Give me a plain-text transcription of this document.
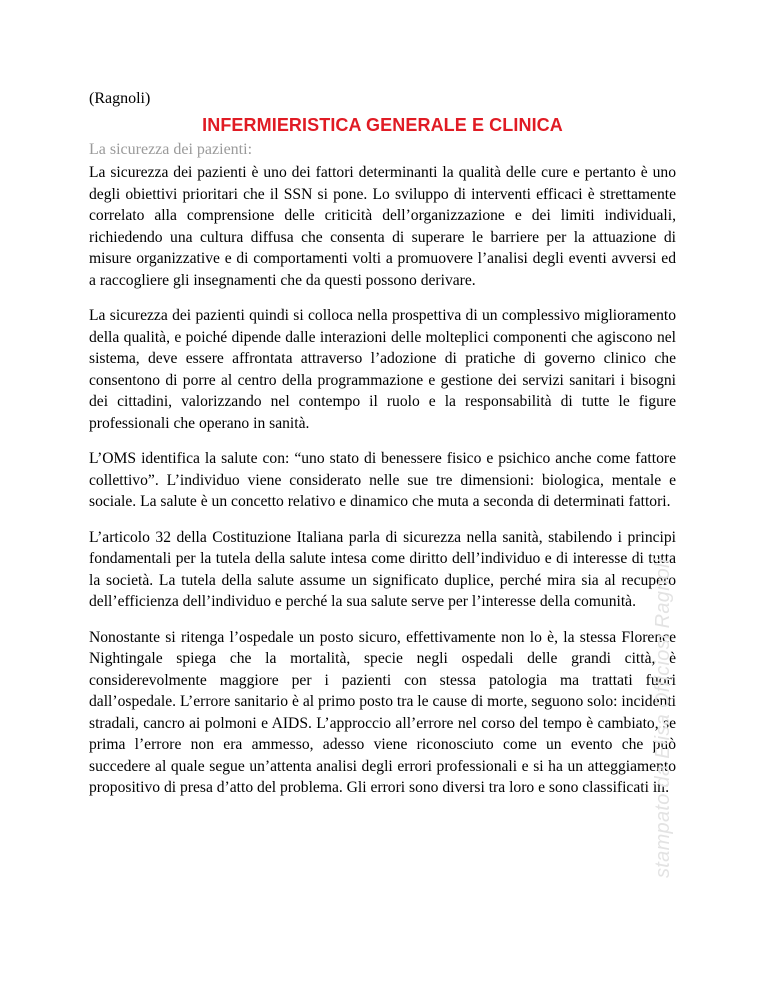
(Ragnoli)
INFERMIERISTICA GENERALE E CLINICA
La sicurezza dei pazienti:

La sicurezza dei pazienti è uno dei fattori determinanti la qualità delle cure e pertanto è uno degli obiettivi prioritari che il SSN si pone. Lo sviluppo di interventi efficaci è strettamente correlato alla comprensione delle criticità dell’organizzazione e dei limiti individuali, richiedendo una cultura diffusa che consenta di superare le barriere per la attuazione di misure organizzative e di comportamenti volti a promuovere l’analisi degli eventi avversi ed a raccogliere gli insegnamenti che da questi possono derivare.

La sicurezza dei pazienti quindi si colloca nella prospettiva di un complessivo miglioramento della qualità, e poiché dipende dalle interazioni delle molteplici componenti che agiscono nel sistema, deve essere affrontata attraverso l’adozione di pratiche di governo clinico che consentono di porre al centro della programmazione e gestione dei servizi sanitari i bisogni dei cittadini, valorizzando nel contempo il ruolo e la responsabilità di tutte le figure professionali che operano in sanità.

L’OMS identifica la salute con: “uno stato di benessere fisico e psichico anche come fattore collettivo”. L’individuo viene considerato nelle sue tre dimensioni: biologica, mentale e sociale. La salute è un concetto relativo e dinamico che muta a seconda di determinati fattori.

L’articolo 32 della Costituzione Italiana parla di sicurezza nella sanità, stabilendo i principi fondamentali per la tutela della salute intesa come diritto dell’individuo e di interesse di tutta la società. La tutela della salute assume un significato duplice, perché mira sia al recupero dell’efficienza dell’individuo e perché la sua salute serve per l’interesse della comunità.

Nonostante si ritenga l’ospedale un posto sicuro, effettivamente non lo è, la stessa Florence Nightingale spiega che la mortalità, specie negli ospedali delle grandi città, è considerevolmente maggiore per i pazienti con stessa patologia ma trattati fuori dall’ospedale. L’errore sanitario è al primo posto tra le cause di morte, seguono solo: incidenti stradali, cancro ai polmoni e AIDS. L’approccio all’errore nel corso del tempo è cambiato, se prima l’errore non era ammesso, adesso viene riconosciuto come un evento che può succedere al quale segue un’attenta analisi degli errori professionali e si ha un atteggiamento propositivo di presa d’atto del problema. Gli errori sono diversi tra loro e sono classificati in:

stampato da Elisa Officiosi Ragnoli
